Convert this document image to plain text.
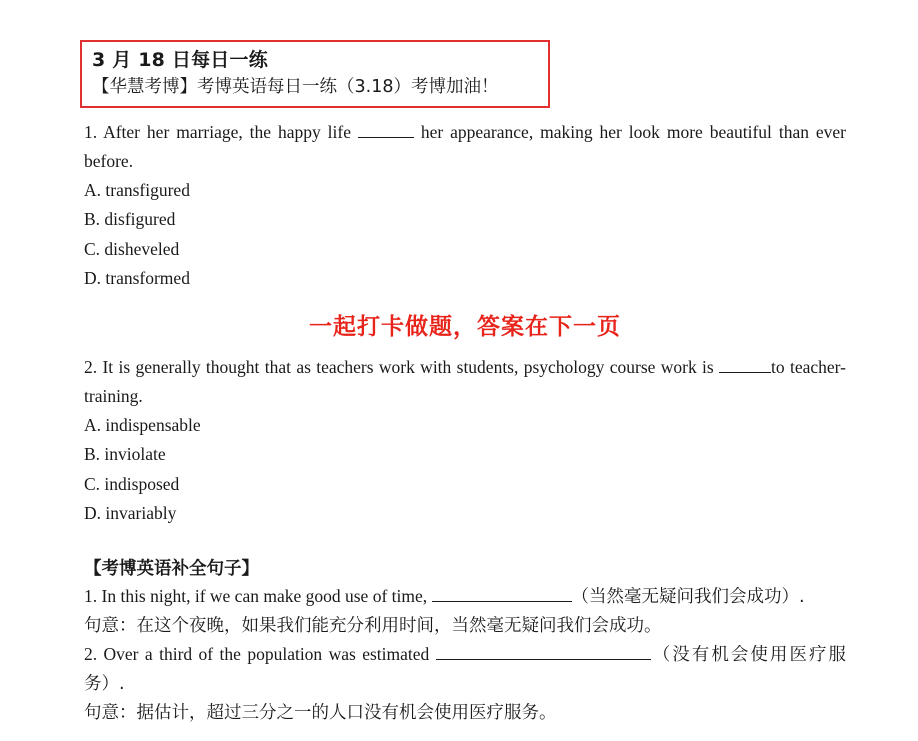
3 月 18 日每日一练
【华慧考博】考博英语每日一练（3.18）考博加油！
1. After her marriage, the happy life	her appearance, making her look more beautiful than ever before.
A. transfigured
B. disfigured
C. disheveled
D. transformed
一起打卡做题，答案在下一页
2. It is generally thought that as teachers work with students, psychology course work is	to teacher-training.
A. indispensable
B. inviolate
C. indisposed
D. invariably
【考博英语补全句子】
1. In this night, if we can make good use of time,	（当然毫无疑问我们会成功）.
句意：在这个夜晚，如果我们能充分利用时间，当然毫无疑问我们会成功。
2. Over a third of the population was estimated	（没有机会使用医疗服务）.
句意：据估计，超过三分之一的人口没有机会使用医疗服务。
